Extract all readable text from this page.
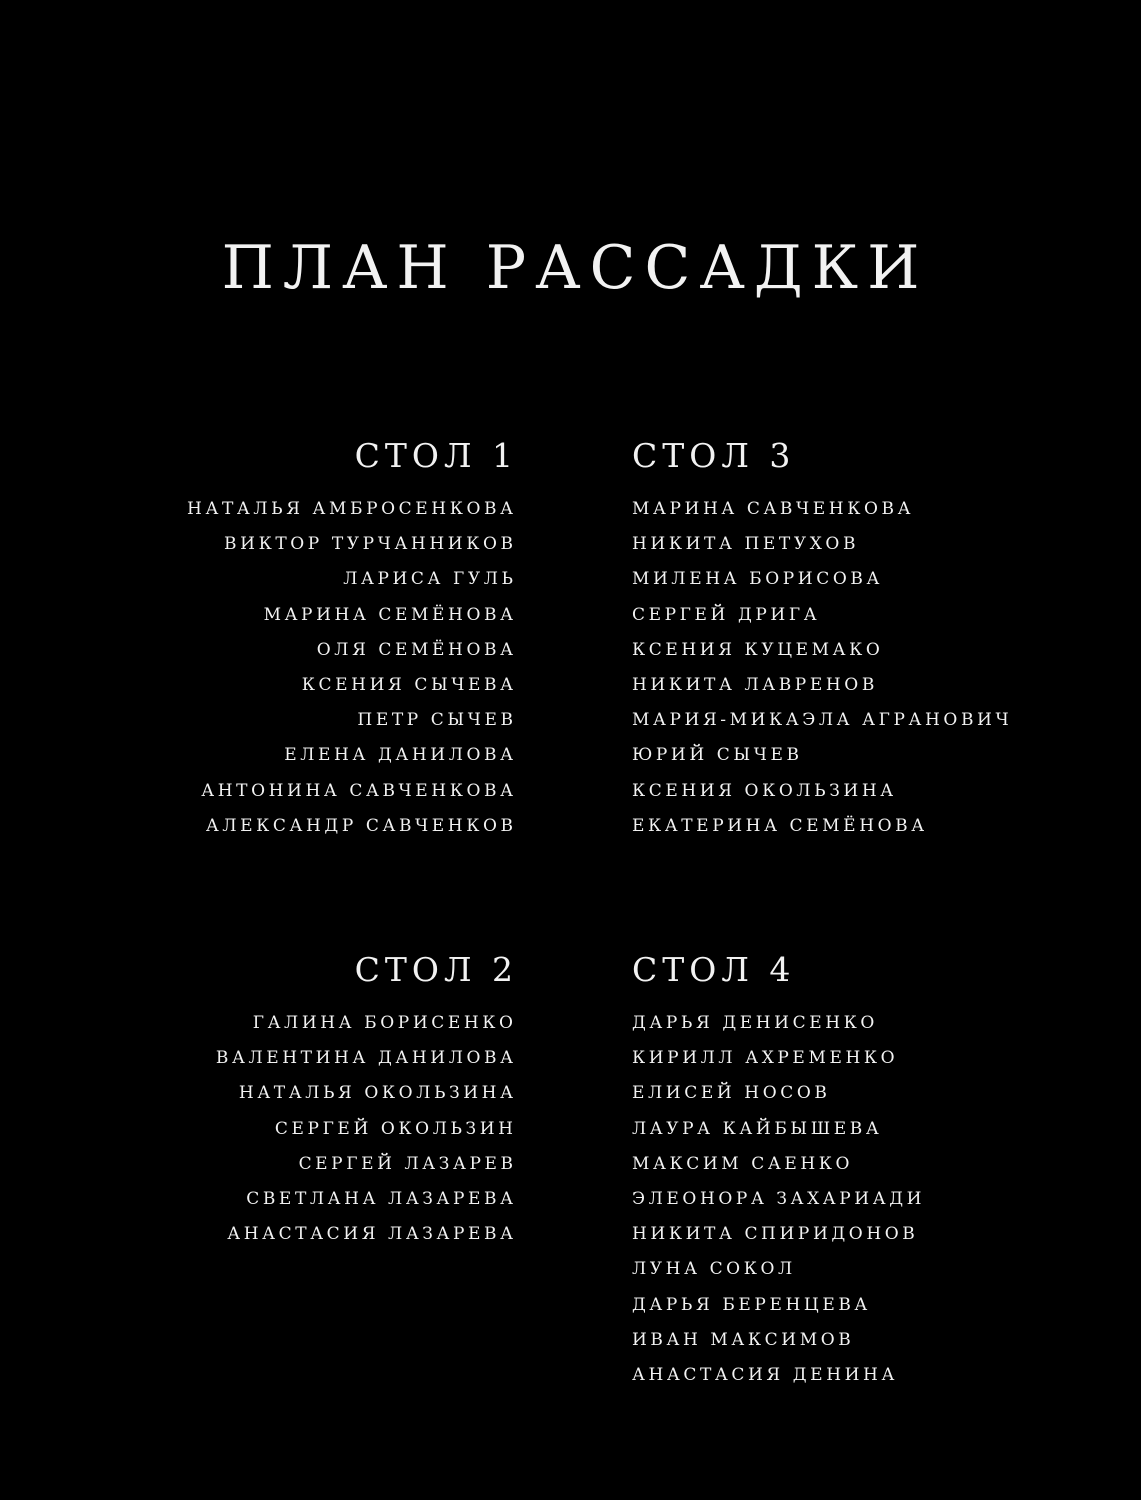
ПЛАН РАССАДКИ
СТОЛ 1
НАТАЛЬЯ АМБРОСЕНКОВА
ВИКТОР ТУРЧАННИКОВ
ЛАРИСА ГУЛЬ
МАРИНА СЕМЁНОВА
ОЛЯ СЕМЁНОВА
КСЕНИЯ СЫЧЕВА
ПЕТР СЫЧЕВ
ЕЛЕНА ДАНИЛОВА
АНТОНИНА САВЧЕНКОВА
АЛЕКСАНДР САВЧЕНКОВ
СТОЛ 2
ГАЛИНА БОРИСЕНКО
ВАЛЕНТИНА ДАНИЛОВА
НАТАЛЬЯ ОКОЛЬЗИНА
СЕРГЕЙ ОКОЛЬЗИН
СЕРГЕЙ ЛАЗАРЕВ
СВЕТЛАНА ЛАЗАРЕВА
АНАСТАСИЯ ЛАЗАРЕВА
СТОЛ 3
МАРИНА САВЧЕНКОВА
НИКИТА ПЕТУХОВ
МИЛЕНА БОРИСОВА
СЕРГЕЙ ДРИГА
КСЕНИЯ КУЦЕМАКО
НИКИТА ЛАВРЕНОВ
МАРИЯ-МИКАЭЛА АГРАНОВИЧ
ЮРИЙ СЫЧЕВ
КСЕНИЯ ОКОЛЬЗИНА
ЕКАТЕРИНА СЕМЁНОВА
СТОЛ 4
ДАРЬЯ ДЕНИСЕНКО
КИРИЛЛ АХРЕМЕНКО
ЕЛИСЕЙ НОСОВ
ЛАУРА КАЙБЫШЕВА
МАКСИМ САЕНКО
ЭЛЕОНОРА ЗАХАРИАДИ
НИКИТА СПИРИДОНОВ
ЛУНА СОКОЛ
ДАРЬЯ БЕРЕНЦЕВА
ИВАН МАКСИМОВ
АНАСТАСИЯ ДЕНИНА
